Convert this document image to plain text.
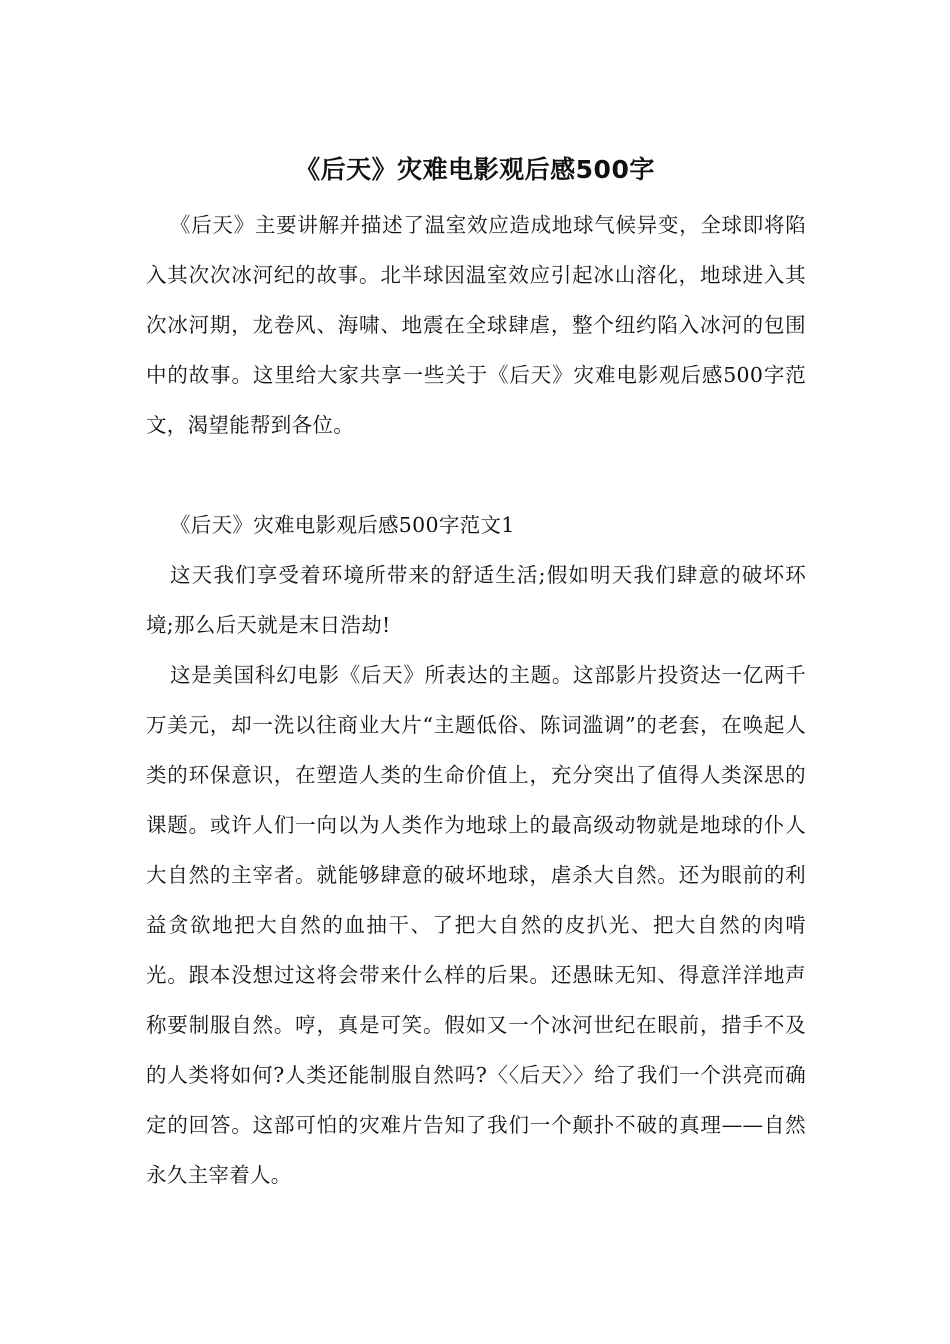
《后天》灾难电影观后感500字

《后天》主要讲解并描述了温室效应造成地球气候异变，全球即将陷入其次次冰河纪的故事。北半球因温室效应引起冰山溶化，地球进入其次冰河期，龙卷风、海啸、地震在全球肆虐，整个纽约陷入冰河的包围中的故事。这里给大家共享一些关于《后天》灾难电影观后感500字范文，渴望能帮到各位。

《后天》灾难电影观后感500字范文1

这天我们享受着环境所带来的舒适生活;假如明天我们肆意的破坏环境;那么后天就是末日浩劫!

这是美国科幻电影《后天》所表达的主题。这部影片投资达一亿两千万美元，却一洗以往商业大片“主题低俗、陈词滥调”的老套，在唤起人类的环保意识，在塑造人类的生命价值上，充分突出了值得人类深思的课题。或许人们一向以为人类作为地球上的最高级动物就是地球的仆人大自然的主宰者。就能够肆意的破坏地球，虐杀大自然。还为眼前的利益贪欲地把大自然的血抽干、了把大自然的皮扒光、把大自然的肉啃光。跟本没想过这将会带来什么样的后果。还愚昧无知、得意洋洋地声称要制服自然。哼，真是可笑。假如又一个冰河世纪在眼前，措手不及的人类将如何?人类还能制服自然吗?〈〈后天〉〉给了我们一个洪亮而确定的回答。这部可怕的灾难片告知了我们一个颠扑不破的真理——自然永久主宰着人。
